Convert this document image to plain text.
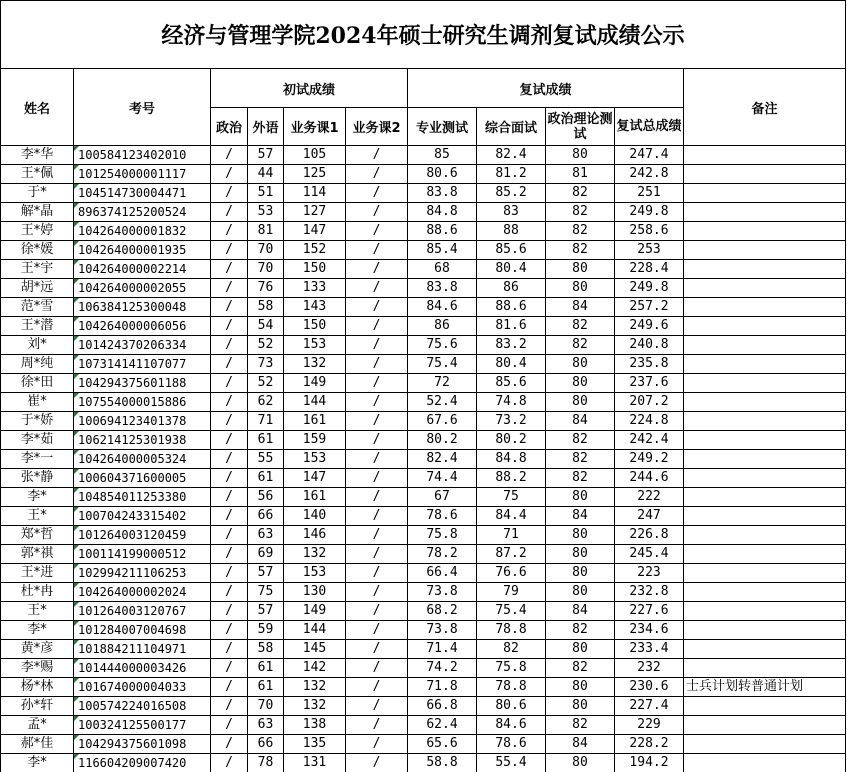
经济与管理学院2024年硕士研究生调剂复试成绩公示										
姓名	考号	初试成绩				复试成绩				备注
		政治	外语	业务课1	业务课2	专业测试	综合面试	政治理论测试	复试总成绩	
李*华	100584123402010	/	57	105	/	85	82.4	80	247.4	
王*佩	101254000001117	/	44	125	/	80.6	81.2	81	242.8	
于*	104514730004471	/	51	114	/	83.8	85.2	82	251	
解*晶	896374125200524	/	53	127	/	84.8	83	82	249.8	
王*婷	104264000001832	/	81	147	/	88.6	88	82	258.6	
徐*媛	104264000001935	/	70	152	/	85.4	85.6	82	253	
王*宇	104264000002214	/	70	150	/	68	80.4	80	228.4	
胡*远	104264000002055	/	76	133	/	83.8	86	80	249.8	
范*雪	106384125300048	/	58	143	/	84.6	88.6	84	257.2	
王*潜	104264000006056	/	54	150	/	86	81.6	82	249.6	
刘*	101424370206334	/	52	153	/	75.6	83.2	82	240.8	
周*纯	107314141107077	/	73	132	/	75.4	80.4	80	235.8	
徐*田	104294375601188	/	52	149	/	72	85.6	80	237.6	
崔*	107554000015886	/	62	144	/	52.4	74.8	80	207.2	
于*娇	100694123401378	/	71	161	/	67.6	73.2	84	224.8	
李*茹	106214125301938	/	61	159	/	80.2	80.2	82	242.4	
李*一	104264000005324	/	55	153	/	82.4	84.8	82	249.2	
张*静	100604371600005	/	61	147	/	74.4	88.2	82	244.6	
李*	104854011253380	/	56	161	/	67	75	80	222	
王*	100704243315402	/	66	140	/	78.6	84.4	84	247	
郑*哲	101264003120459	/	63	146	/	75.8	71	80	226.8	
郭*祺	100114199000512	/	69	132	/	78.2	87.2	80	245.4	
王*进	102994211106253	/	57	153	/	66.4	76.6	80	223	
杜*冉	104264000002024	/	75	130	/	73.8	79	80	232.8	
王*	101264003120767	/	57	149	/	68.2	75.4	84	227.6	
李*	101284007004698	/	59	144	/	73.8	78.8	82	234.6	
黄*彦	101884211104971	/	58	145	/	71.4	82	80	233.4	
李*赐	101444000003426	/	61	142	/	74.2	75.8	82	232	
杨*林	101674000004033	/	61	132	/	71.8	78.8	80	230.6	士兵计划转普通计划
孙*轩	100574224016508	/	70	132	/	66.8	80.6	80	227.4	
孟*	100324125500177	/	63	138	/	62.4	84.6	82	229	
郝*佳	104294375601098	/	66	135	/	65.6	78.6	84	228.2	
李*	116604209007420	/	78	131	/	58.8	55.4	80	194.2	
